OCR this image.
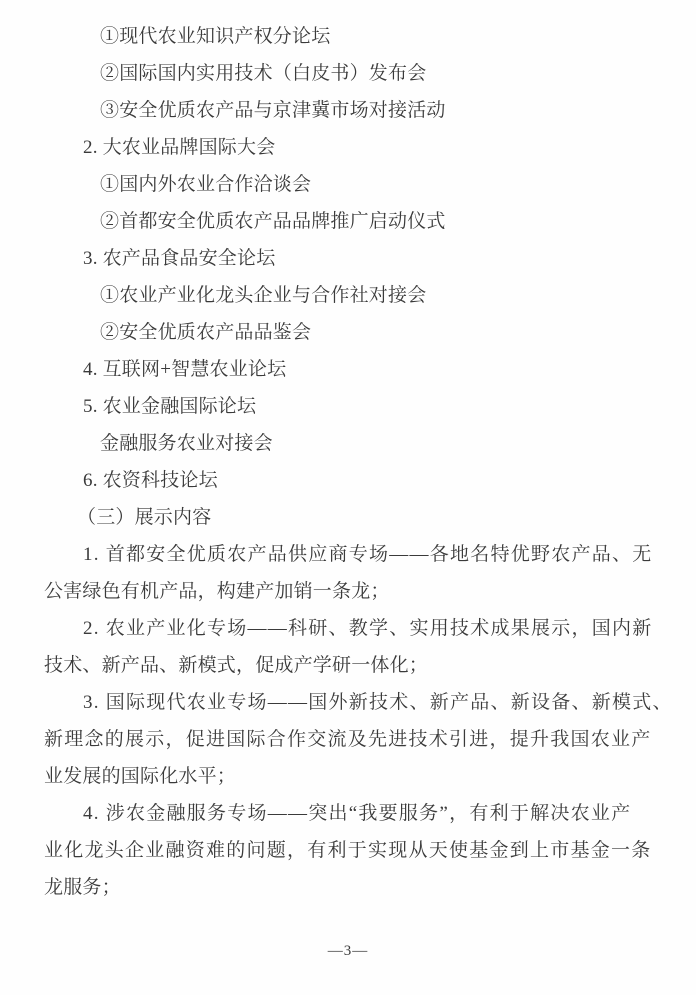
①现代农业知识产权分论坛
②国际国内实用技术（白皮书）发布会
③安全优质农产品与京津冀市场对接活动
2. 大农业品牌国际大会
①国内外农业合作洽谈会
②首都安全优质农产品品牌推广启动仪式
3. 农产品食品安全论坛
①农业产业化龙头企业与合作社对接会
②安全优质农产品品鉴会
4. 互联网+智慧农业论坛
5. 农业金融国际论坛
金融服务农业对接会
6. 农资科技论坛
（三）展示内容
1. 首都安全优质农产品供应商专场——各地名特优野农产品、无
公害绿色有机产品，构建产加销一条龙；
2. 农业产业化专场——科研、教学、实用技术成果展示，国内新
技术、新产品、新模式，促成产学研一体化；
3. 国际现代农业专场——国外新技术、新产品、新设备、新模式、
新理念的展示，促进国际合作交流及先进技术引进，提升我国农业产
业发展的国际化水平；
4. 涉农金融服务专场——突出“我要服务”，有利于解决农业产
业化龙头企业融资难的问题，有利于实现从天使基金到上市基金一条
龙服务；
—3—
